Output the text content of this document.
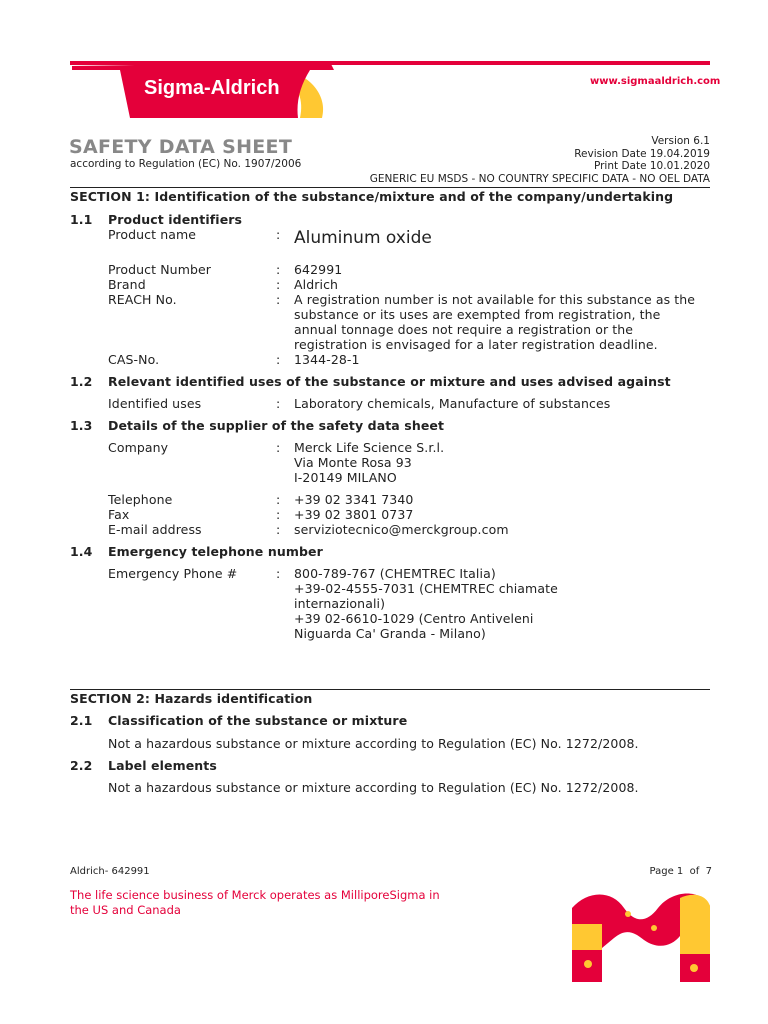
Sigma-Aldrich	www.sigmaaldrich.com
SAFETY DATA SHEET
according to Regulation (EC) No. 1907/2006
Version 6.1
Revision Date 19.04.2019
Print Date 10.01.2020
GENERIC EU MSDS - NO COUNTRY SPECIFIC DATA - NO OEL DATA
SECTION 1: Identification of the substance/mixture and of the company/undertaking
1.1 Product identifiers
Product name	: Aluminum oxide
Product Number	: 642991
Brand	: Aldrich
REACH No.	: A registration number is not available for this substance as the
substance or its uses are exempted from registration, the
annual tonnage does not require a registration or the
registration is envisaged for a later registration deadline.
CAS-No.	: 1344-28-1
1.2 Relevant identified uses of the substance or mixture and uses advised against
Identified uses	: Laboratory chemicals, Manufacture of substances
1.3 Details of the supplier of the safety data sheet
Company	: Merck Life Science S.r.l.
Via Monte Rosa 93
I-20149 MILANO
Telephone	: +39 02 3341 7340
Fax	: +39 02 3801 0737
E-mail address	: serviziotecnico@merckgroup.com
1.4 Emergency telephone number
Emergency Phone #	: 800-789-767 (CHEMTREC Italia)
+39-02-4555-7031 (CHEMTREC chiamate
internazionali)
+39 02-6610-1029 (Centro Antiveleni
Niguarda Ca' Granda - Milano)
SECTION 2: Hazards identification
2.1 Classification of the substance or mixture
Not a hazardous substance or mixture according to Regulation (EC) No. 1272/2008.
2.2 Label elements
Not a hazardous substance or mixture according to Regulation (EC) No. 1272/2008.
Aldrich- 642991	Page 1  of  7
The life science business of Merck operates as MilliporeSigma in
the US and Canada
